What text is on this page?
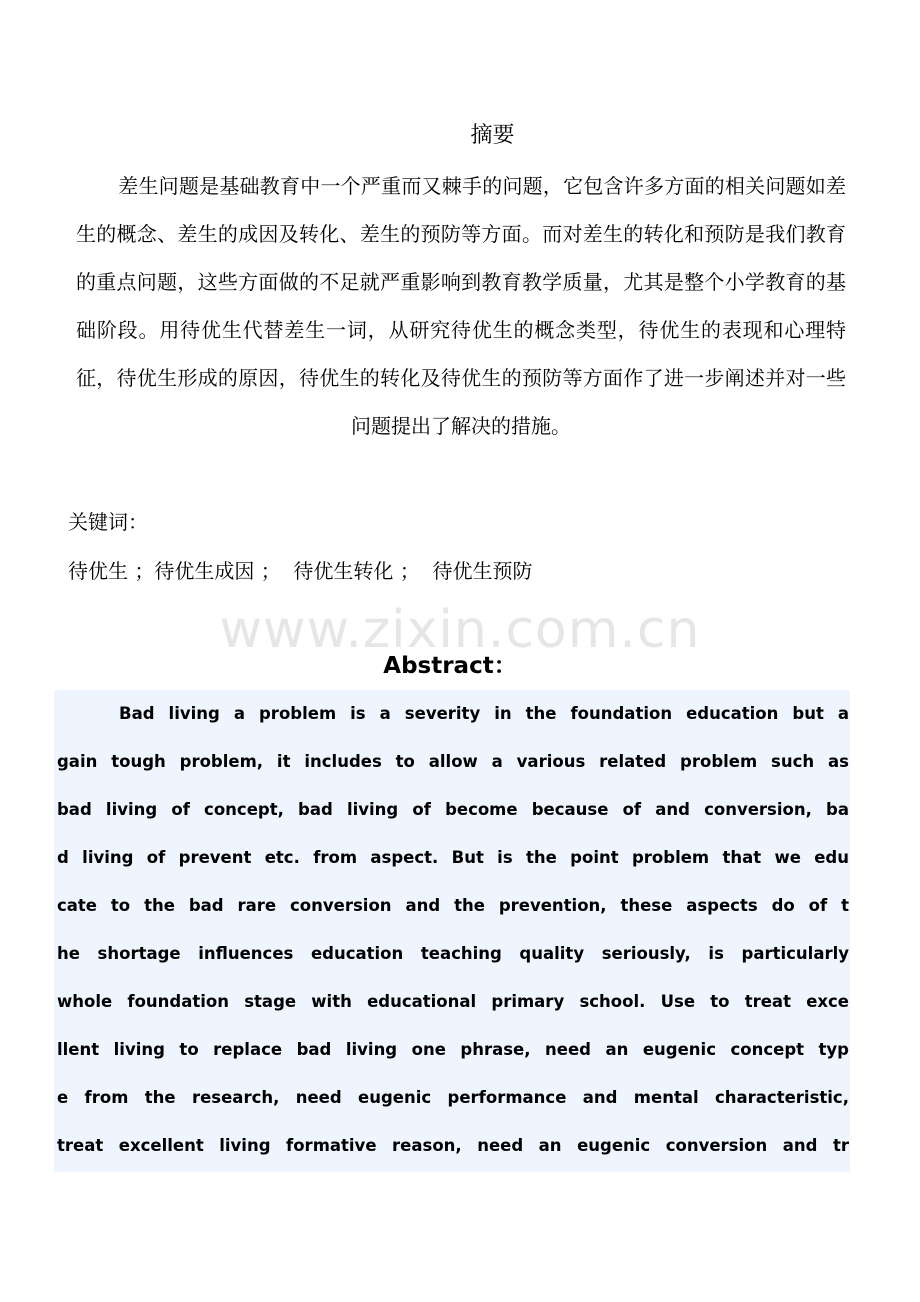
摘要
差生问题是基础教育中一个严重而又棘手的问题，它包含许多方面的相关问题如差生的概念、差生的成因及转化、差生的预防等方面。而对差生的转化和预防是我们教育的重点问题，这些方面做的不足就严重影响到教育教学质量，尤其是整个小学教育的基础阶段。用待优生代替差生一词，从研究待优生的概念类型，待优生的表现和心理特征，待优生形成的原因，待优生的转化及待优生的预防等方面作了进一步阐述并对一些问题提出了解决的措施。
关键词：
待优生 ；待优生成因 ；  待优生转化 ；  待优生预防
www.zixin.com.cn
Abstract：
Bad living a problem is a severity in the foundation education but a
gain tough problem, it includes to allow a various related problem such as
bad living of concept, bad living of become because of and conversion, ba
d living of prevent etc. from aspect. But is the point problem that we edu
cate to the bad rare conversion and the prevention, these aspects do of t
he shortage influences education teaching quality seriously, is particularly
whole foundation stage with educational primary school. Use to treat exce
llent living to replace bad living one phrase, need an eugenic concept typ
e from the research, need eugenic performance and mental characteristic,
treat excellent living formative reason, need an eugenic conversion and tr
